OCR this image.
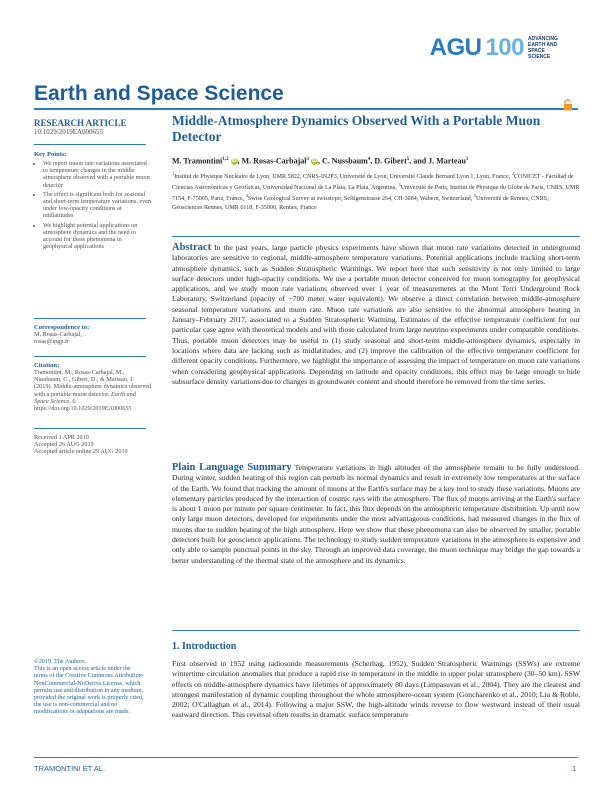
AGU 100 ADVANCING
EARTH AND
SPACE SCIENCE
Earth and Space Science
RESEARCH ARTICLE
10.1029/2019EA000655
Key Points:
• We report muon rate variations associated to temperature changes in the middle atmosphere observed with a portable muon detector
• The effect is significant both for seasonal and short-term temperature variations, even under low-opacity conditions at midlatitudes
• We highlight potential applications on atmosphere dynamics and the need to account for these phenomena in geophysical applications
Correspondence to:
M. Rosas-Carbajal,
rosas@ipgp.fr
Citation:
Tramontini, M., Rosas-Carbajal, M., Nussbaum, C., Gibert, D., & Marteau, J. (2019). Middle-atmosphere dynamics observed with a portable muon detector. Earth and Space Science, 6. https://doi.org/10.1029/2019EA000655
Received 1 APR 2019
Accepted 26 AUG 2019
Accepted article online 29 AUG 2019
©2019. The Authors.
This is an open access article under the terms of the Creative Commons Attribution-NonCommercial-NoDerivs License, which permits use and distribution in any medium, provided the original work is properly cited, the use is non-commercial and no modifications or adaptations are made.
Middle-Atmosphere Dynamics Observed With a Portable Muon Detector
M. Tramontini$^{1,2}$ iD, M. Rosas-Carbajal$^3$ iD, C. Nussbaum$^4$, D. Gibert$^5$, and J. Marteau$^1$
$^1$Institut de Physique Nucléaire de Lyon, UMR 5822, CNRS-IN2P3, Université de Lyon, Université Claude Bernard Lyon 1, Lyon, France, $^2$CONICET - Facultad de Ciencias Astronómicas y Geofísicas, Universidad Nacional de La Plata, La Plata, Argentina, $^3$Université de Paris, Institut de Physique du Globe de Paris, CNRS, UMR 7154, F-75005, Paris, France, $^4$Swiss Geological Survey at swisstopo, Seftigenstrasse 264, CH-3084, Wabern, Switzerland, $^5$Université de Rennes, CNRS, Géosciences Rennes, UMR 6118, F-35000, Rennes, France
Abstract In the past years, large particle physics experiments have shown that muon rate variations detected in underground laboratories are sensitive to regional, middle-atmosphere temperature variations. Potential applications include tracking short-term atmosphere dynamics, such as Sudden Stratospheric Warmings. We report here that such sensitivity is not only limited to large surface detectors under high-opacity conditions. We use a portable muon detector conceived for muon tomography for geophysical applications, and we study muon rate variations observed over 1 year of measurements at the Mont Terri Underground Rock Laboratory, Switzerland (opacity of ~700 meter water equivalent). We observe a direct correlation between middle-atmosphere seasonal temperature variations and muon rate. Muon rate variations are also sensitive to the abnormal atmosphere heating in January–February 2017, associated to a Sudden Stratospheric Warming. Estimates of the effective temperature coefficient for our particular case agree with theoretical models and with those calculated from large neutrino experiments under comparable conditions. Thus, portable muon detectors may be useful to (1) study seasonal and short-term middle-atmosphere dynamics, especially in locations where data are lacking such as midlatitudes, and (2) improve the calibration of the effective temperature coefficient for different opacity conditions. Furthermore, we highlight the importance of assessing the impact of temperature on muon rate variations when considering geophysical applications. Depending on latitude and opacity conditions, this effect may be large enough to hide subsurface density variations due to changes in groundwater content and should therefore be removed from the time series.
Plain Language Summary Temperature variations in high altitudes of the atmosphere remain to be fully understood. During winter, sudden heating of this region can perturb its normal dynamics and result in extremely low temperatures at the surface of the Earth. We found that tracking the amount of muons at the Earth's surface may be a key tool to study these variations. Muons are elementary particles produced by the interaction of cosmic rays with the atmosphere. The flux of muons arriving at the Earth's surface is about 1 muon per minute per square centimeter. In fact, this flux depends on the atmospheric temperature distribution. Up until now only large muon detectors, developed for experiments under the most advantageous conditions, had measured changes in the flux of muons due to sudden heating of the high atmosphere. Here we show that these phenomena can also be observed by smaller, portable detectors built for geoscience applications. The technology to study sudden temperature variations in the atmosphere is expensive and only able to sample punctual points in the sky. Through an improved data coverage, the muon technique may bridge the gap towards a better understanding of the thermal state of the atmosphere and its dynamics.
1. Introduction
First observed in 1952 using radiosonde measurements (Scherhag, 1952), Sudden Stratospheric Warmings (SSWs) are extreme wintertime circulation anomalies that produce a rapid rise in temperature in the middle to upper polar stratosphere (30–50 km). SSW effects on middle-atmosphere dynamics have lifetimes of approximately 80 days (Limpasuvan et al., 2004). They are the clearest and strongest manifestation of dynamic coupling throughout the whole atmosphere-ocean system (Goncharenko et al., 2010; Liu & Roble, 2002; O'Callaghan et al., 2014). Following a major SSW, the high-altitude winds reverse to flow westward instead of their usual eastward direction. This reversal often results in dramatic surface temperature
TRAMONTINI ET AL.	1
